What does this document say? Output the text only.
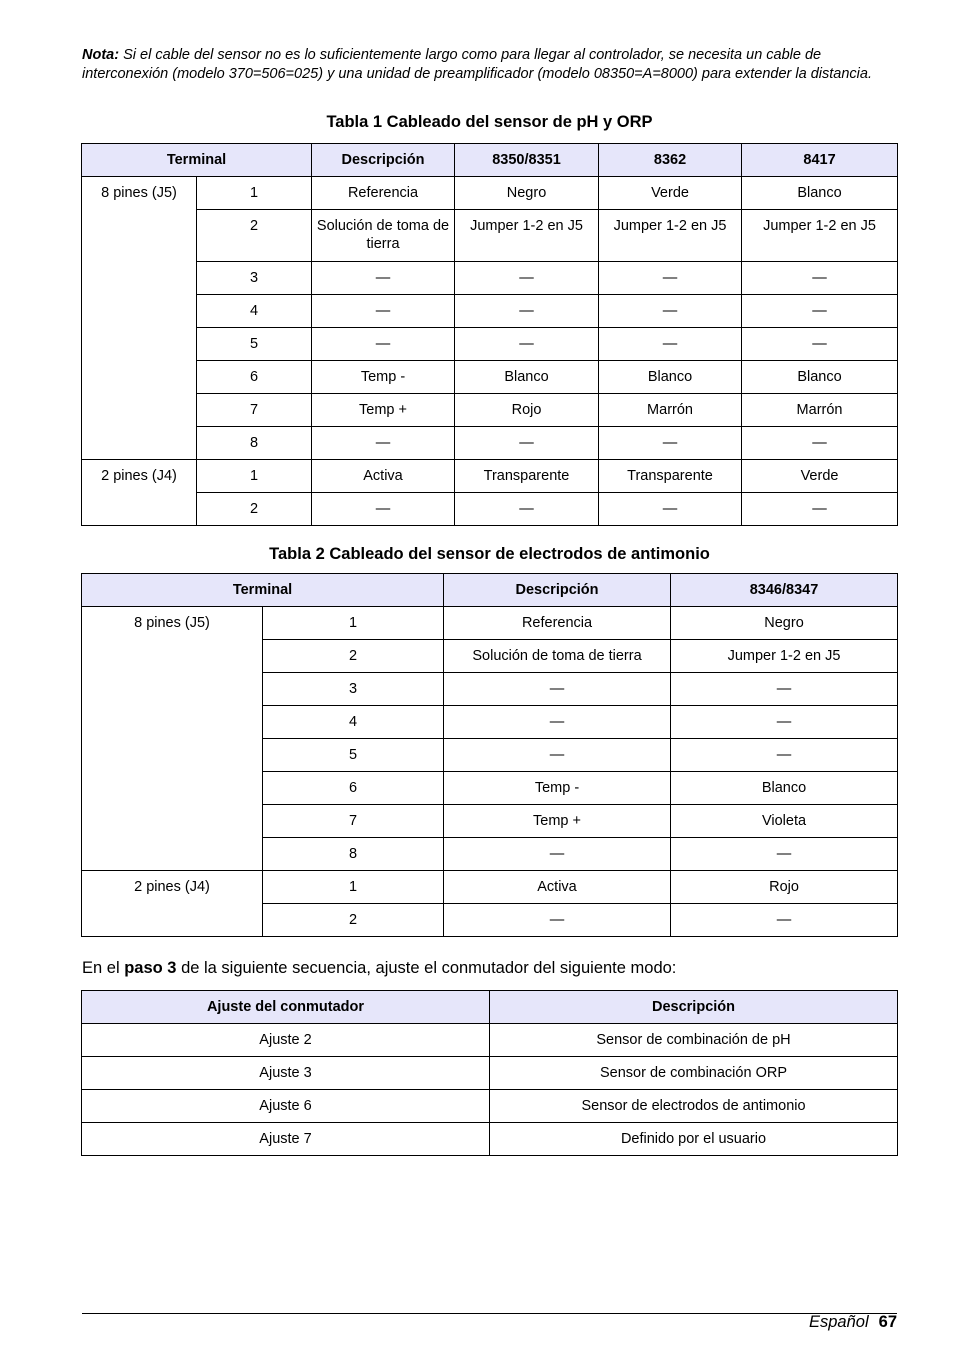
Nota: Si el cable del sensor no es lo suficientemente largo como para llegar al controlador, se necesita un cable de interconexión (modelo 370=506=025) y una unidad de preamplificador (modelo 08350=A=8000) para extender la distancia.
Tabla 1 Cableado del sensor de pH y ORP
Terminal		Descripción	8350/8351	8362	8417
8 pines (J5)	1	Referencia	Negro	Verde	Blanco
	2	Solución de toma de tierra	Jumper 1-2 en J5	Jumper 1-2 en J5	Jumper 1-2 en J5
	3	—	—	—	—
	4	—	—	—	—
	5	—	—	—	—
	6	Temp -	Blanco	Blanco	Blanco
	7	Temp +	Rojo	Marrón	Marrón
	8	—	—	—	—
2 pines (J4)	1	Activa	Transparente	Transparente	Verde
	2	—	—	—	—
Tabla 2 Cableado del sensor de electrodos de antimonio
Terminal		Descripción	8346/8347
8 pines (J5)	1	Referencia	Negro
	2	Solución de toma de tierra	Jumper 1-2 en J5
	3	—	—
	4	—	—
	5	—	—
	6	Temp -	Blanco
	7	Temp +	Violeta
	8	—	—
2 pines (J4)	1	Activa	Rojo
	2	—	—
En el paso 3 de la siguiente secuencia, ajuste el conmutador del siguiente modo:
Ajuste del conmutador	Descripción
Ajuste 2	Sensor de combinación de pH
Ajuste 3	Sensor de combinación ORP
Ajuste 6	Sensor de electrodos de antimonio
Ajuste 7	Definido por el usuario
Español 67
